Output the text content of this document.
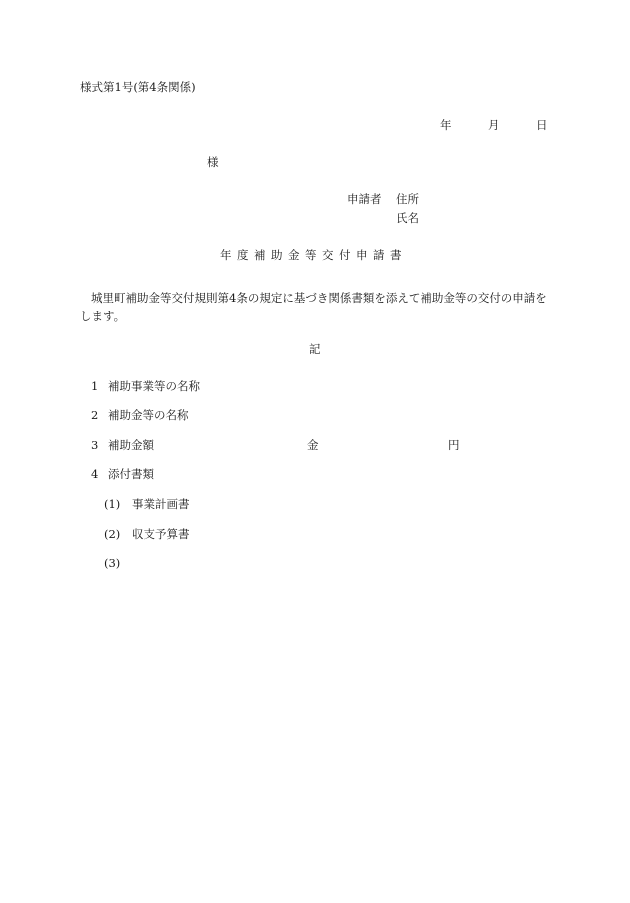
様式第1号(第4条関係)
年	月	日
様
申請者 住所
氏名
年度補助金等交付申請書
城里町補助金等交付規則第4条の規定に基づき関係書類を添えて補助金等の交付の申請をします。
記
1 補助事業等の名称
2 補助金等の名称
3 補助金額	金	円
4 添付書類
(1) 事業計画書
(2) 収支予算書
(3)
